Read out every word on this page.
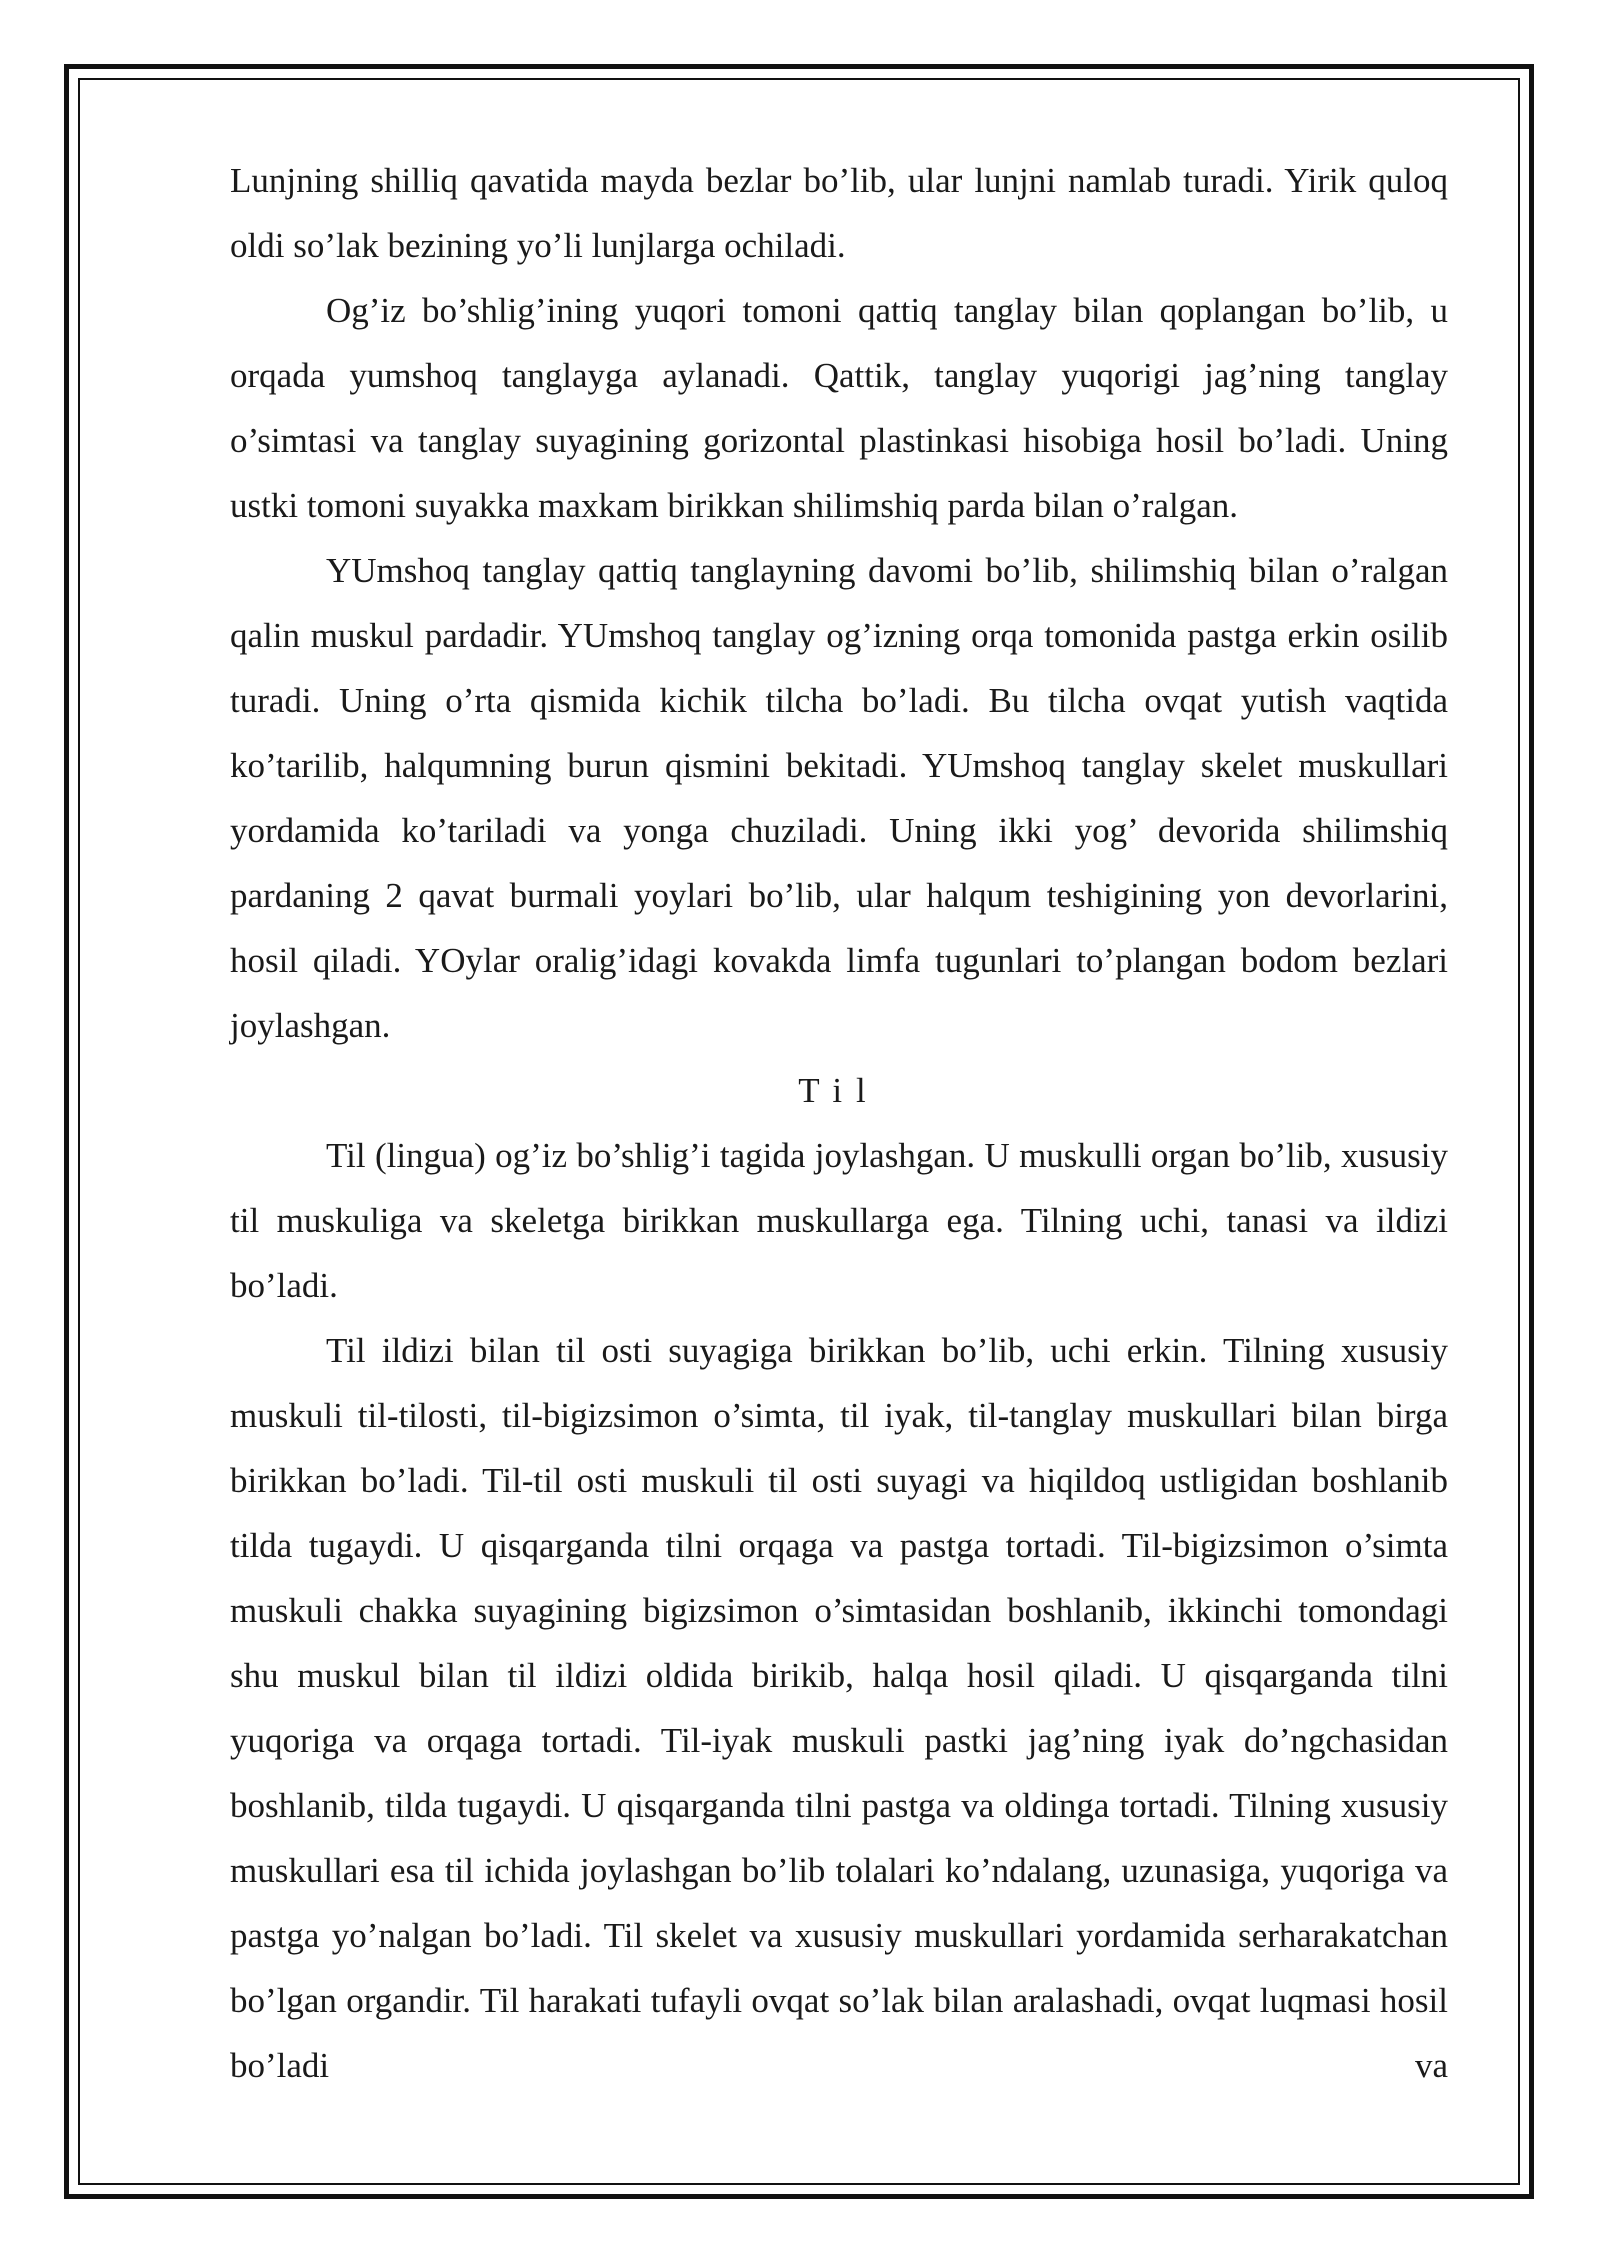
Lunjning shilliq qavatida mayda bezlar bo’lib, ular lunjni namlab turadi. Yirik quloq oldi so’lak bezining yo’li lunjlarga ochiladi.

Og’iz bo’shlig’ining yuqori tomoni qattiq tanglay bilan qoplangan bo’lib, u orqada yumshoq tanglayga aylanadi. Qattik, tanglay yuqorigi jag’ning tanglay o’simtasi va tanglay suyagining gorizontal plastinkasi hisobiga hosil bo’ladi. Uning ustki tomoni suyakka maxkam birikkan shilimshiq parda bilan o’ralgan.

YUmshoq tanglay qattiq tanglayning davomi bo’lib, shilimshiq bilan o’ralgan qalin muskul pardadir. YUmshoq tanglay og’izning orqa tomonida pastga erkin osilib turadi. Uning o’rta qismida kichik tilcha bo’ladi. Bu tilcha ovqat yutish vaqtida ko’tarilib, halqumning burun qismini bekitadi. YUmshoq tanglay skelet muskullari yordamida ko’tariladi va yonga chuziladi. Uning ikki yog’ devorida shilimshiq pardaning 2 qavat burmali yoylari bo’lib, ular halqum teshigining yon devorlarini, hosil qiladi. YOylar oralig’idagi kovakda limfa tugunlari to’plangan bodom bezlari joylashgan.

Til

Til (lingua) og’iz bo’shlig’i tagida joylashgan. U muskulli organ bo’lib, xususiy til muskuliga va skeletga birikkan muskullarga ega. Tilning uchi, tanasi va ildizi bo’ladi.

Til ildizi bilan til osti suyagiga birikkan bo’lib, uchi erkin. Tilning xususiy muskuli til-tilosti, til-bigizsimon o’simta, til iyak, til-tanglay muskullari bilan birga birikkan bo’ladi. Til-til osti muskuli til osti suyagi va hiqildoq ustligidan boshlanib tilda tugaydi. U qisqarganda tilni orqaga va pastga tortadi. Til-bigizsimon o’simta muskuli chakka suyagining bigizsimon o’simtasidan boshlanib, ikkinchi tomondagi shu muskul bilan til ildizi oldida birikib, halqa hosil qiladi. U qisqarganda tilni yuqoriga va orqaga tortadi. Til-iyak muskuli pastki jag’ning iyak do’ngchasidan boshlanib, tilda tugaydi. U qisqarganda tilni pastga va oldinga tortadi. Tilning xususiy muskullari esa til ichida joylashgan bo’lib tolalari ko’ndalang, uzunasiga, yuqoriga va pastga yo’nalgan bo’ladi. Til skelet va xususiy muskullari yordamida serharakatchan bo’lgan organdir. Til harakati tufayli ovqat so’lak bilan aralashadi, ovqat luqmasi hosil bo’ladi va
